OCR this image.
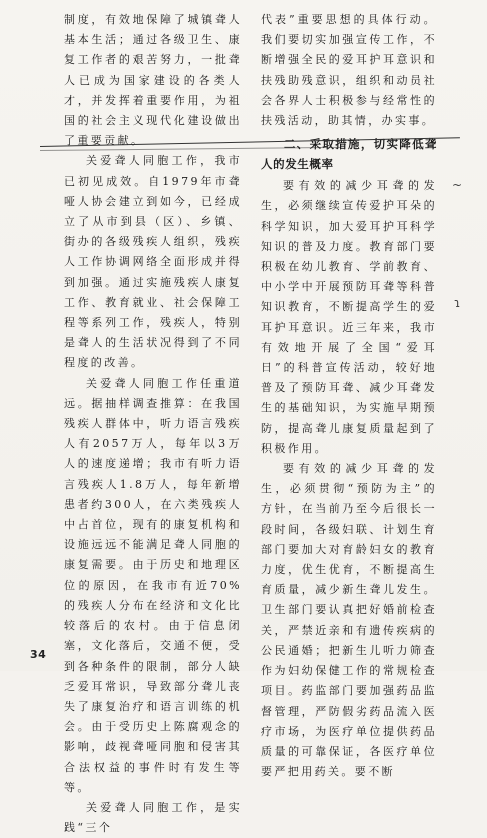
制度，有效地保障了城镇聋人基本生活；通过各级卫生、康复工作者的艰苦努力，一批聋人已成为国家建设的各类人才，并发挥着重要作用，为祖国的社会主义现代化建设做出了重要贡献。

关爱聋人同胞工作，我市已初见成效。自1979年市聋哑人协会建立到如今，已经成立了从市到县（区）、乡镇、街办的各级残疾人组织，残疾人工作协调网络全面形成并得到加强。通过实施残疾人康复工作、教育就业、社会保障工程等系列工作，残疾人，特别是聋人的生活状况得到了不同程度的改善。

关爱聋人同胞工作任重道远。据抽样调查推算：在我国残疾人群体中，听力语言残疾人有2057万人，每年以3万人的速度递增；我市有听力语言残疾人1.8万人，每年新增患者约300人，在六类残疾人中占首位，现有的康复机构和设施远远不能满足聋人同胞的康复需要。由于历史和地理区位的原因，在我市有近70%的残疾人分布在经济和文化比较落后的农村。由于信息闭塞，文化落后，交通不便，受到各种条件的限制，部分人缺乏爱耳常识，导致部分聋儿丧失了康复治疗和语言训练的机会。由于受历史上陈腐观念的影响，歧视聋哑同胞和侵害其合法权益的事件时有发生等等。

关爱聋人同胞工作，是实践“三个

代表”重要思想的具体行动。我们要切实加强宣传工作，不断增强全民的爱耳护耳意识和扶残助残意识，组织和动员社会各界人士积极参与经常性的扶残活动，助其情，办实事。

二、采取措施，切实降低聋人的发生概率

要有效的减少耳聋的发生，必须继续宣传爱护耳朵的科学知识，加大爱耳护耳科学知识的普及力度。教育部门要积极在幼儿教育、学前教育、中小学中开展预防耳聋等科普知识教育，不断提高学生的爱耳护耳意识。近三年来，我市有效地开展了全国“爱耳日”的科普宣传活动，较好地普及了预防耳聋、减少耳聋发生的基础知识，为实施早期预防，提高聋儿康复质量起到了积极作用。

要有效的减少耳聋的发生，必须贯彻“预防为主”的方针，在当前乃至今后很长一段时间，各级妇联、计划生育部门要加大对育龄妇女的教育力度，优生优育，不断提高生育质量，减少新生聋儿发生。卫生部门要认真把好婚前检查关，严禁近亲和有遗传疾病的公民通婚；把新生儿听力筛查作为妇幼保健工作的常规检查项目。药监部门要加强药品监督管理，严防假劣药品流入医疗市场，为医疗单位提供药品质量的可靠保证，各医疗单位要严把用药关。要不断

~
ɿ
34
